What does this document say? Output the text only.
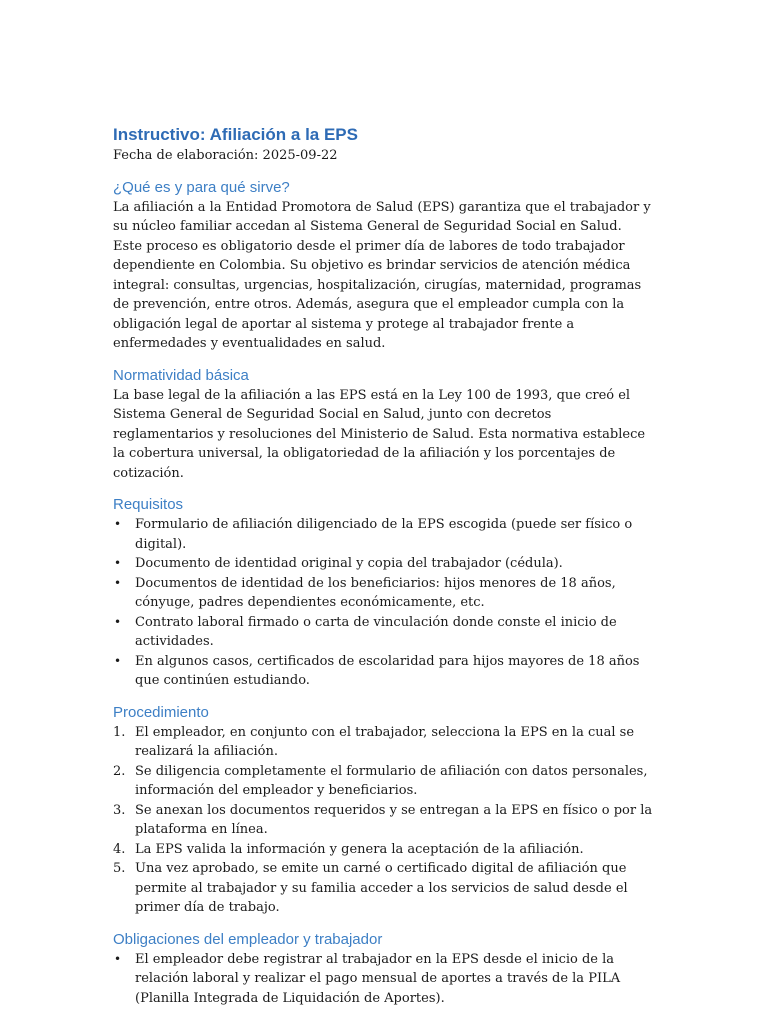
Instructivo: Afiliación a la EPS

Fecha de elaboración: 2025-09-22

¿Qué es y para qué sirve?

La afiliación a la Entidad Promotora de Salud (EPS) garantiza que el trabajador y su núcleo familiar accedan al Sistema General de Seguridad Social en Salud. Este proceso es obligatorio desde el primer día de labores de todo trabajador dependiente en Colombia. Su objetivo es brindar servicios de atención médica integral: consultas, urgencias, hospitalización, cirugías, maternidad, programas de prevención, entre otros. Además, asegura que el empleador cumpla con la obligación legal de aportar al sistema y protege al trabajador frente a enfermedades y eventualidades en salud.

Normatividad básica

La base legal de la afiliación a las EPS está en la Ley 100 de 1993, que creó el Sistema General de Seguridad Social en Salud, junto con decretos reglamentarios y resoluciones del Ministerio de Salud. Esta normativa establece la cobertura universal, la obligatoriedad de la afiliación y los porcentajes de cotización.

Requisitos
• Formulario de afiliación diligenciado de la EPS escogida (puede ser físico o digital).
• Documento de identidad original y copia del trabajador (cédula).
• Documentos de identidad de los beneficiarios: hijos menores de 18 años, cónyuge, padres dependientes económicamente, etc.
• Contrato laboral firmado o carta de vinculación donde conste el inicio de actividades.
• En algunos casos, certificados de escolaridad para hijos mayores de 18 años que continúen estudiando.
Procedimiento
1. El empleador, en conjunto con el trabajador, selecciona la EPS en la cual se realizará la afiliación.
2. Se diligencia completamente el formulario de afiliación con datos personales, información del empleador y beneficiarios.
3. Se anexan los documentos requeridos y se entregan a la EPS en físico o por la plataforma en línea.
4. La EPS valida la información y genera la aceptación de la afiliación.
5. Una vez aprobado, se emite un carné o certificado digital de afiliación que permite al trabajador y su familia acceder a los servicios de salud desde el primer día de trabajo.
Obligaciones del empleador y trabajador
• El empleador debe registrar al trabajador en la EPS desde el inicio de la relación laboral y realizar el pago mensual de aportes a través de la PILA (Planilla Integrada de Liquidación de Aportes).
